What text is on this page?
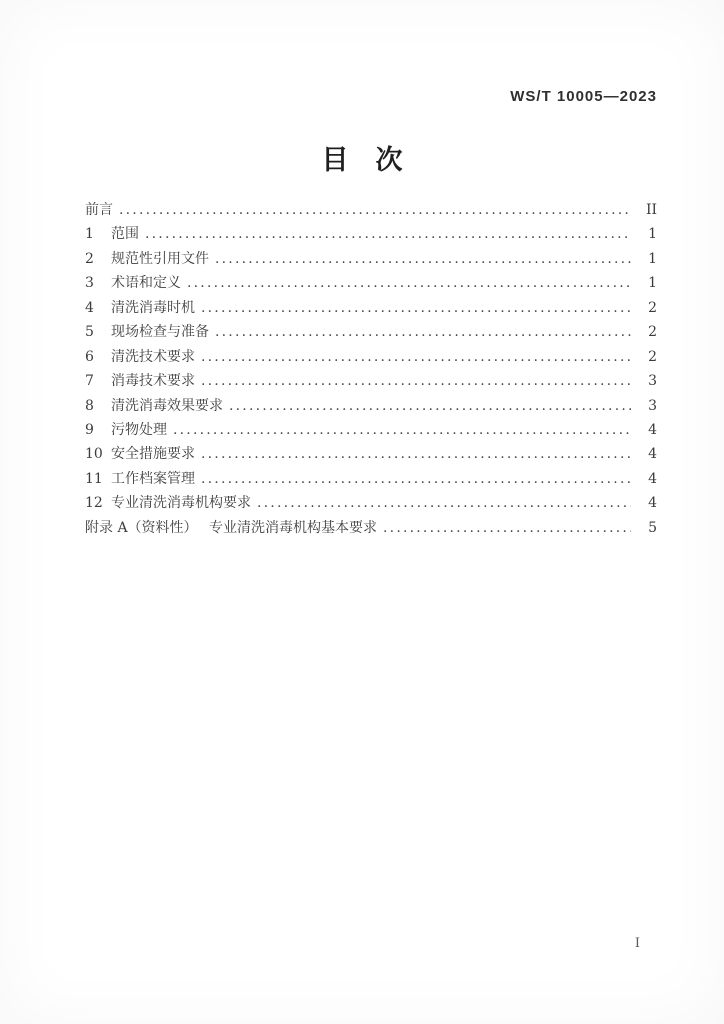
WS/T 10005—2023
目　次
前言 .....	II
1	范围 .....	1
2	规范性引用文件 .....	1
3	术语和定义 .....	1
4	清洗消毒时机 .....	2
5	现场检查与准备 .....	2
6	清洗技术要求 .....	2
7	消毒技术要求 .....	3
8	清洗消毒效果要求 .....	3
9	污物处理 .....	4
10 安全措施要求 .....	4
11 工作档案管理 .....	4
12 专业清洗消毒机构要求 .....	4
附录 A（资料性）　 专业清洗消毒机构基本要求 .....	5
I
